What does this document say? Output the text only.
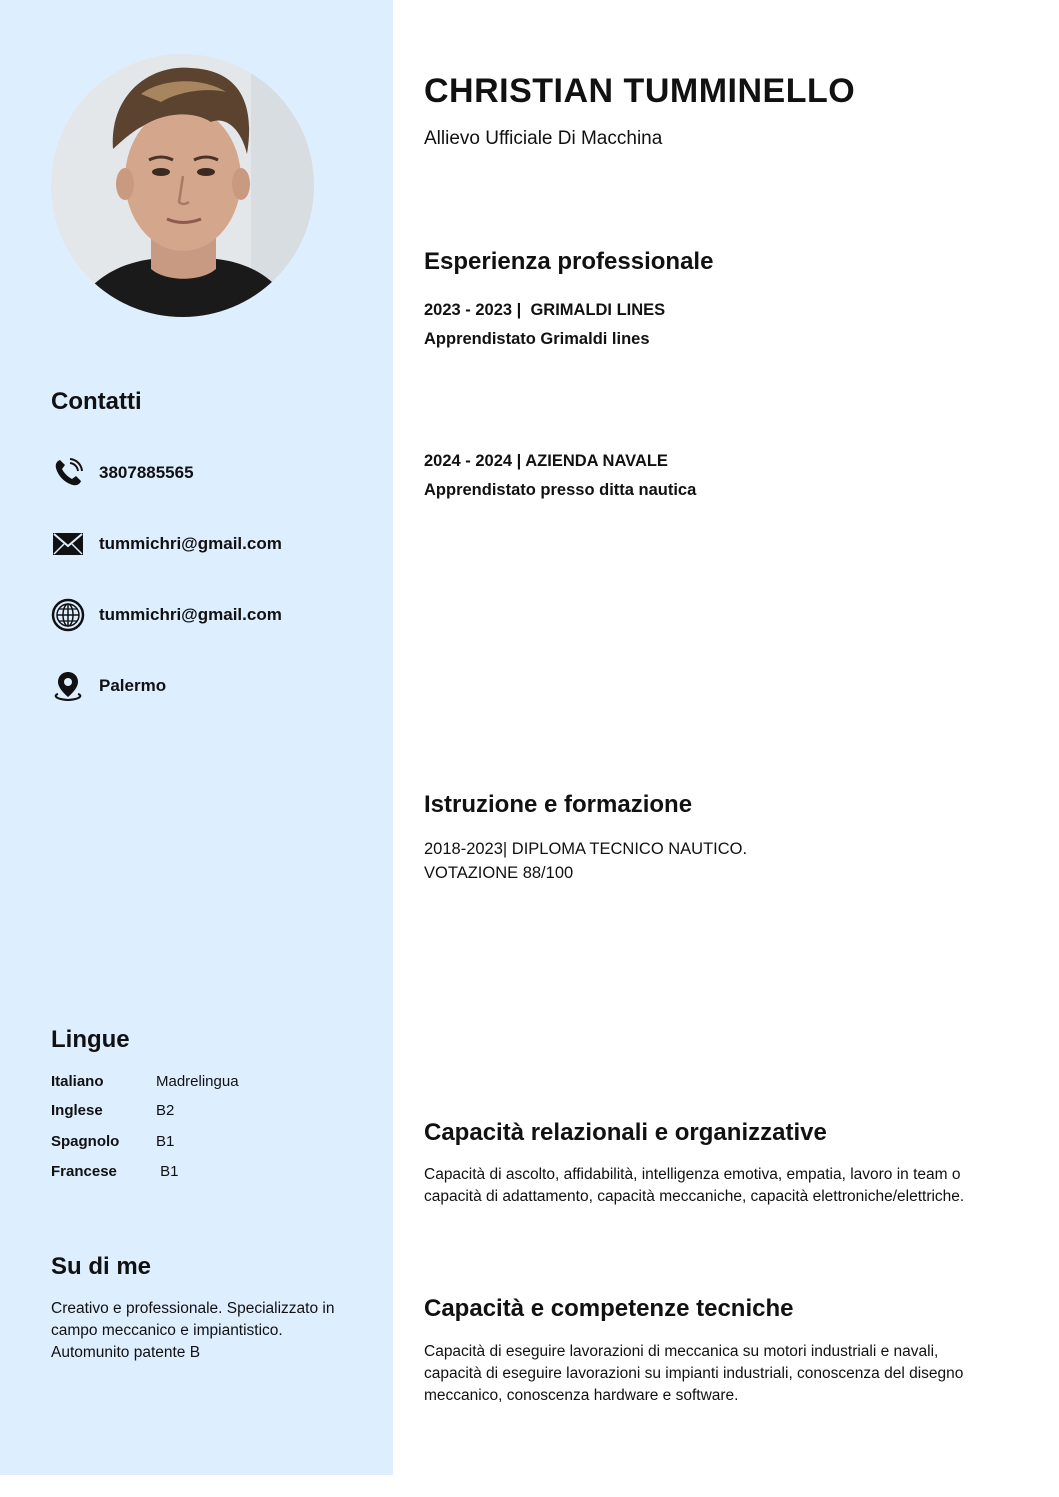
Contatti
3807885565
tummichri@gmail.com
tummichri@gmail.com
Palermo
Lingue
Italiano	Madrelingua
Inglese	B2
Spagnolo B1
Francese	B1
Su di me
Creativo e professionale. Specializzato in campo meccanico e impiantistico. Automunito patente B
CHRISTIAN TUMMINELLO
Allievo Ufficiale Di Macchina
Esperienza professionale
2023 - 2023 |  GRIMALDI LINES
Apprendistato Grimaldi lines
2024 - 2024 | AZIENDA NAVALE
Apprendistato presso ditta nautica
Istruzione e formazione
2018-2023| DIPLOMA TECNICO NAUTICO.
VOTAZIONE 88/100
Capacità relazionali e organizzative
Capacità di ascolto, affidabilità, intelligenza emotiva, empatia, lavoro in team o capacità di adattamento, capacità meccaniche, capacità elettroniche/elettriche.
Capacità e competenze tecniche
Capacità di eseguire lavorazioni di meccanica su motori industriali e navali, capacità di eseguire lavorazioni su impianti industriali, conoscenza del disegno meccanico, conoscenza hardware e software.
